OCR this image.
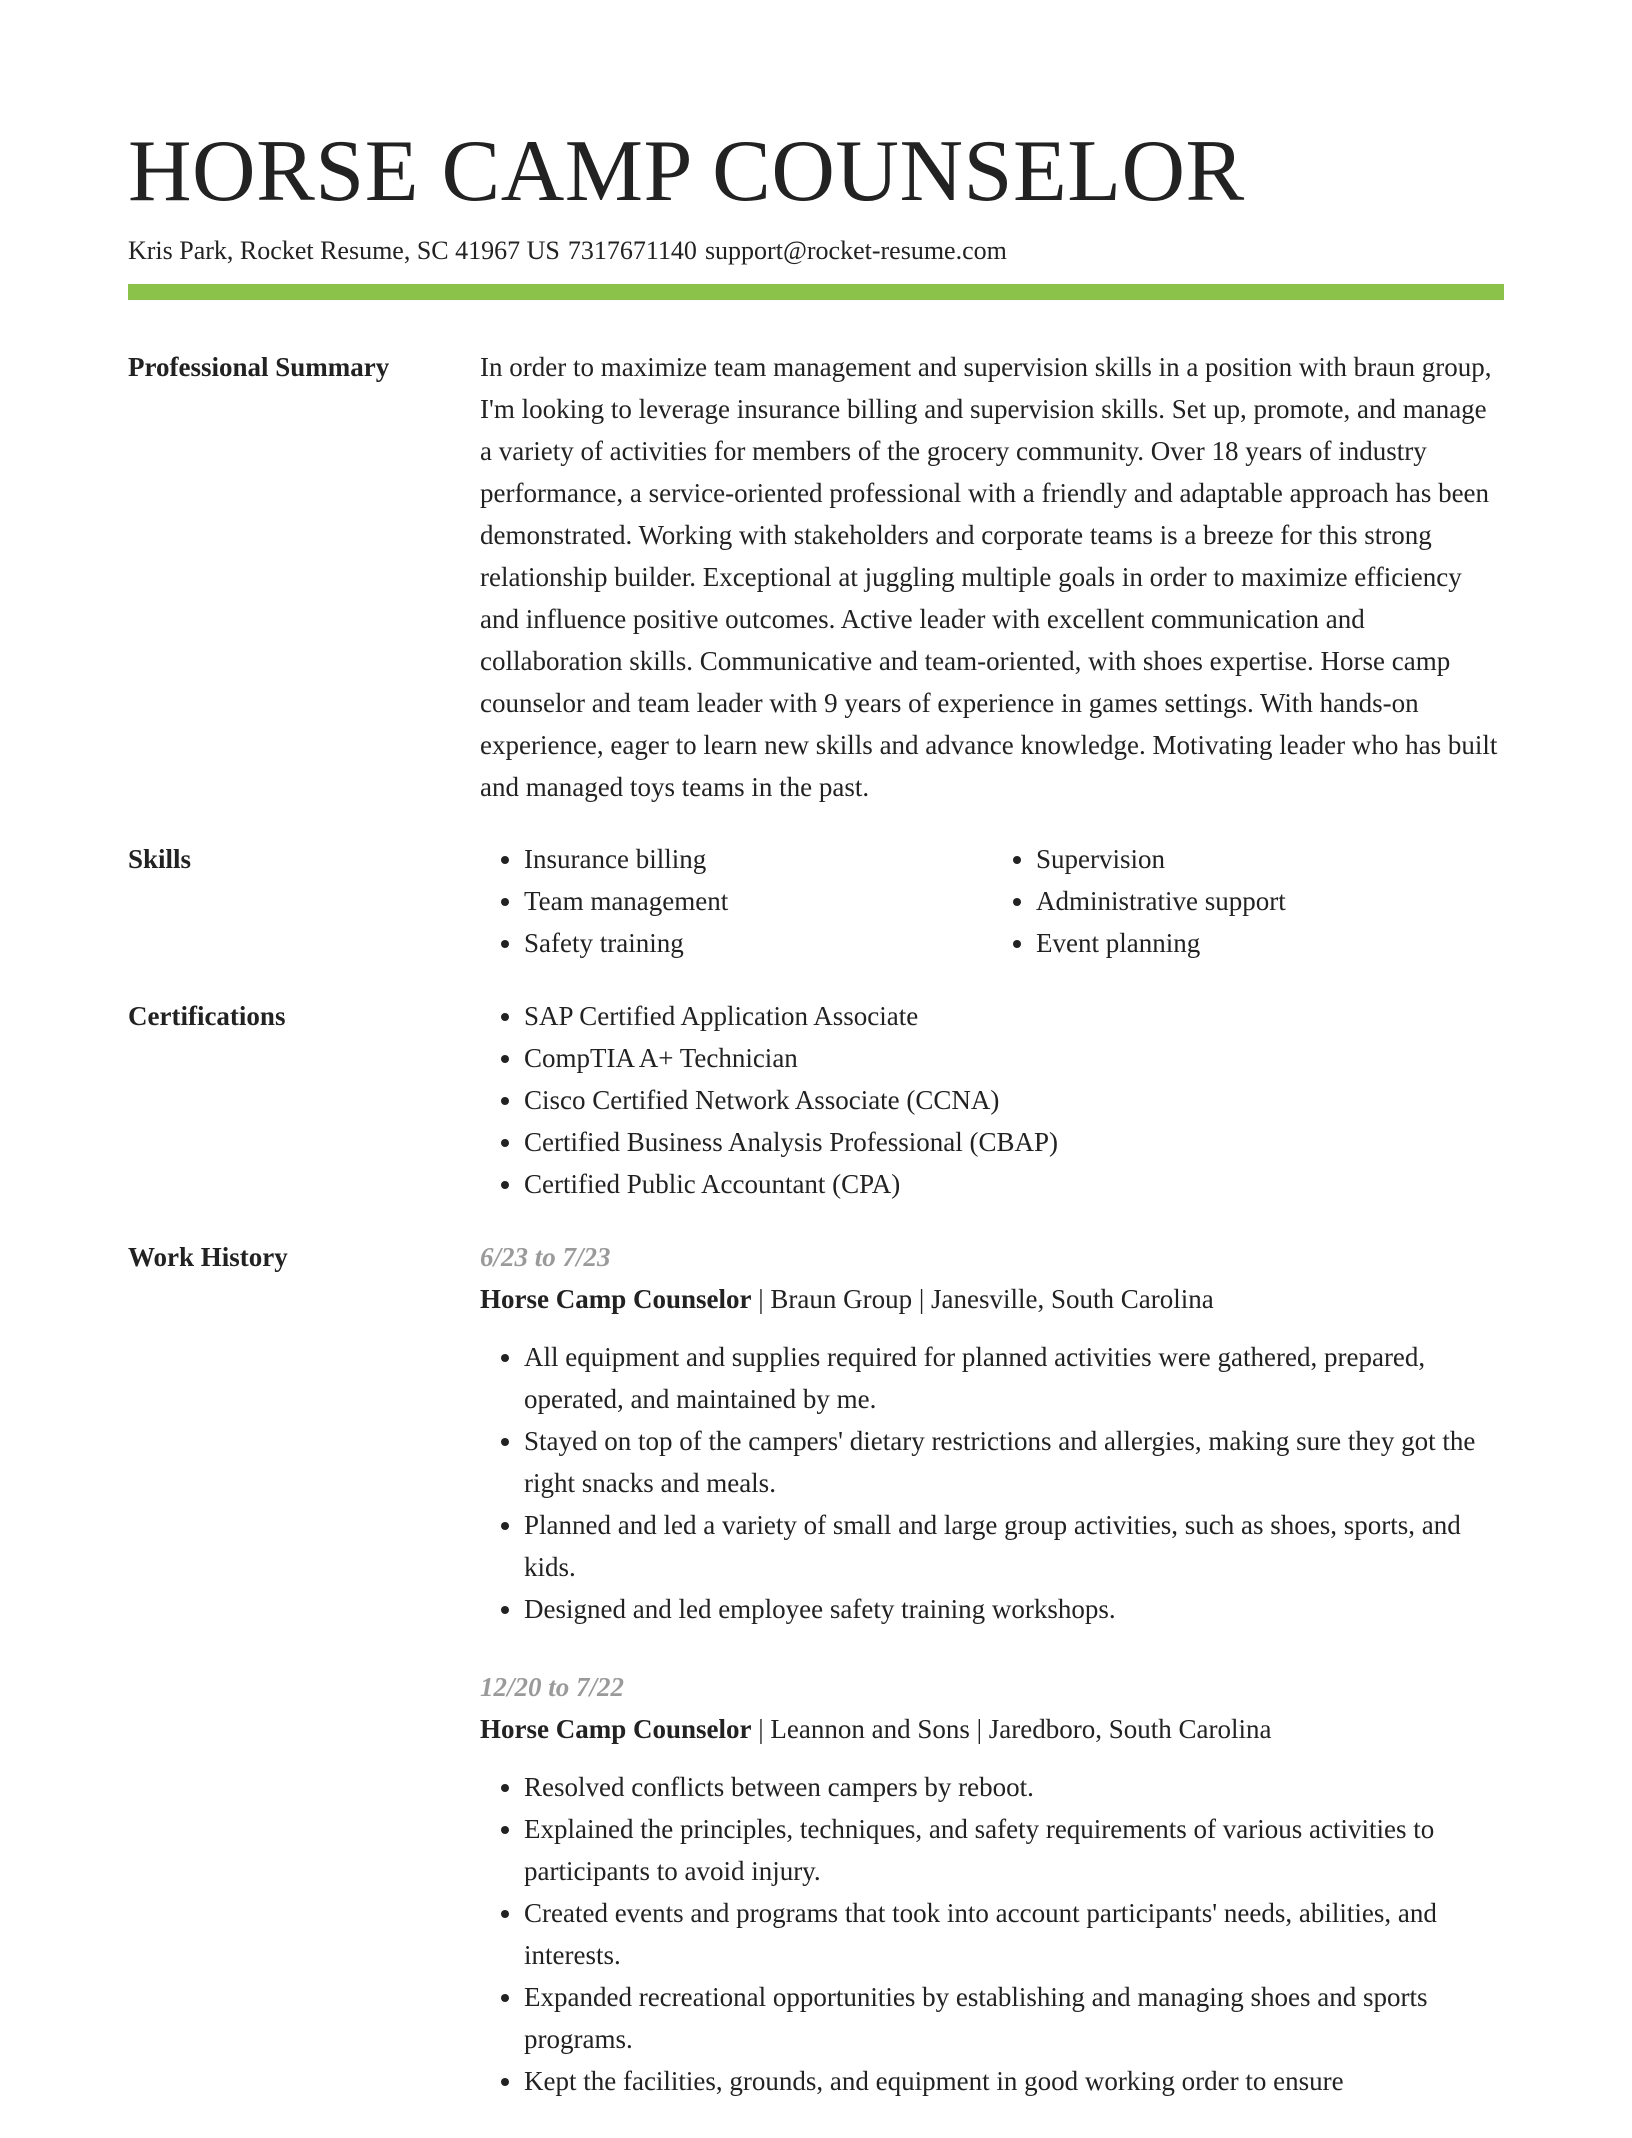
HORSE CAMP COUNSELOR
Kris Park, Rocket Resume, SC 41967 US 7317671140 support@rocket-resume.com
Professional Summary	In order to maximize team management and supervision skills in a position with braun group, I'm looking to leverage insurance billing and supervision skills. Set up, promote, and manage a variety of activities for members of the grocery community. Over 18 years of industry performance, a service-oriented professional with a friendly and adaptable approach has been demonstrated. Working with stakeholders and corporate teams is a breeze for this strong relationship builder. Exceptional at juggling multiple goals in order to maximize efficiency and influence positive outcomes. Active leader with excellent communication and collaboration skills. Communicative and team-oriented, with shoes expertise. Horse camp counselor and team leader with 9 years of experience in games settings. With hands-on experience, eager to learn new skills and advance knowledge. Motivating leader who has built and managed toys teams in the past.

Skills	• Insurance billing
• Team management
• Safety training
• Supervision
• Administrative support
• Event planning
Certifications	• SAP Certified Application Associate
• CompTIA A+ Technician
• Cisco Certified Network Associate (CCNA)
• Certified Business Analysis Professional (CBAP)
• Certified Public Accountant (CPA)
Work History	6/23 to 7/23
Horse Camp Counselor | Braun Group | Janesville, South Carolina
• All equipment and supplies required for planned activities were gathered, prepared, operated, and maintained by me.
• Stayed on top of the campers' dietary restrictions and allergies, making sure they got the right snacks and meals.
• Planned and led a variety of small and large group activities, such as shoes, sports, and kids.
• Designed and led employee safety training workshops.
12/20 to 7/22
Horse Camp Counselor | Leannon and Sons | Jaredboro, South Carolina
• Resolved conflicts between campers by reboot.
• Explained the principles, techniques, and safety requirements of various activities to participants to avoid injury.
• Created events and programs that took into account participants' needs, abilities, and interests.
• Expanded recreational opportunities by establishing and managing shoes and sports programs.
• Kept the facilities, grounds, and equipment in good working order to ensure
